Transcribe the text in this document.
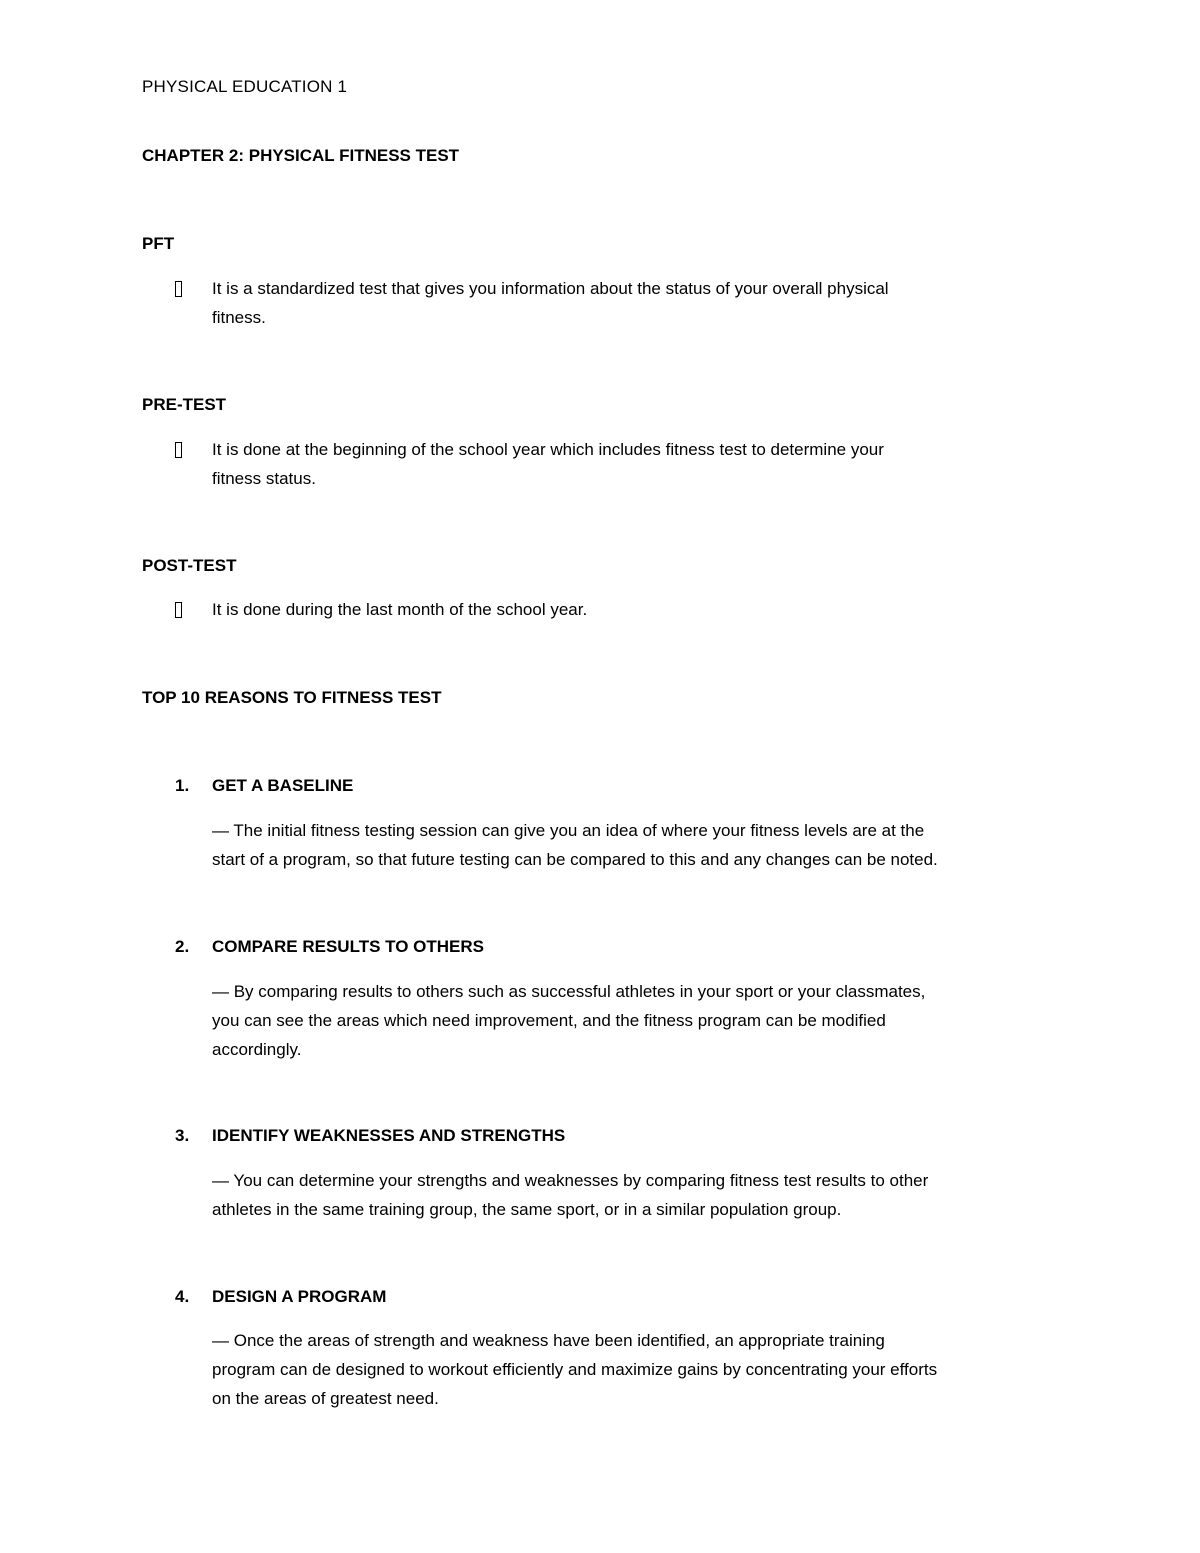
PHYSICAL EDUCATION 1
CHAPTER 2: PHYSICAL FITNESS TEST
PFT
It is a standardized test that gives you information about the status of your overall physical
fitness.
PRE-TEST
It is done at the beginning of the school year which includes fitness test to determine your
fitness status.
POST-TEST
It is done during the last month of the school year.
TOP 10 REASONS TO FITNESS TEST
1. GET A BASELINE
— The initial fitness testing session can give you an idea of where your fitness levels are at the
start of a program, so that future testing can be compared to this and any changes can be noted.
2. COMPARE RESULTS TO OTHERS
— By comparing results to others such as successful athletes in your sport or your classmates,
you can see the areas which need improvement, and the fitness program can be modified
accordingly.
3. IDENTIFY WEAKNESSES AND STRENGTHS
— You can determine your strengths and weaknesses by comparing fitness test results to other
athletes in the same training group, the same sport, or in a similar population group.
4. DESIGN A PROGRAM
— Once the areas of strength and weakness have been identified, an appropriate training
program can de designed to workout efficiently and maximize gains by concentrating your efforts
on the areas of greatest need.
